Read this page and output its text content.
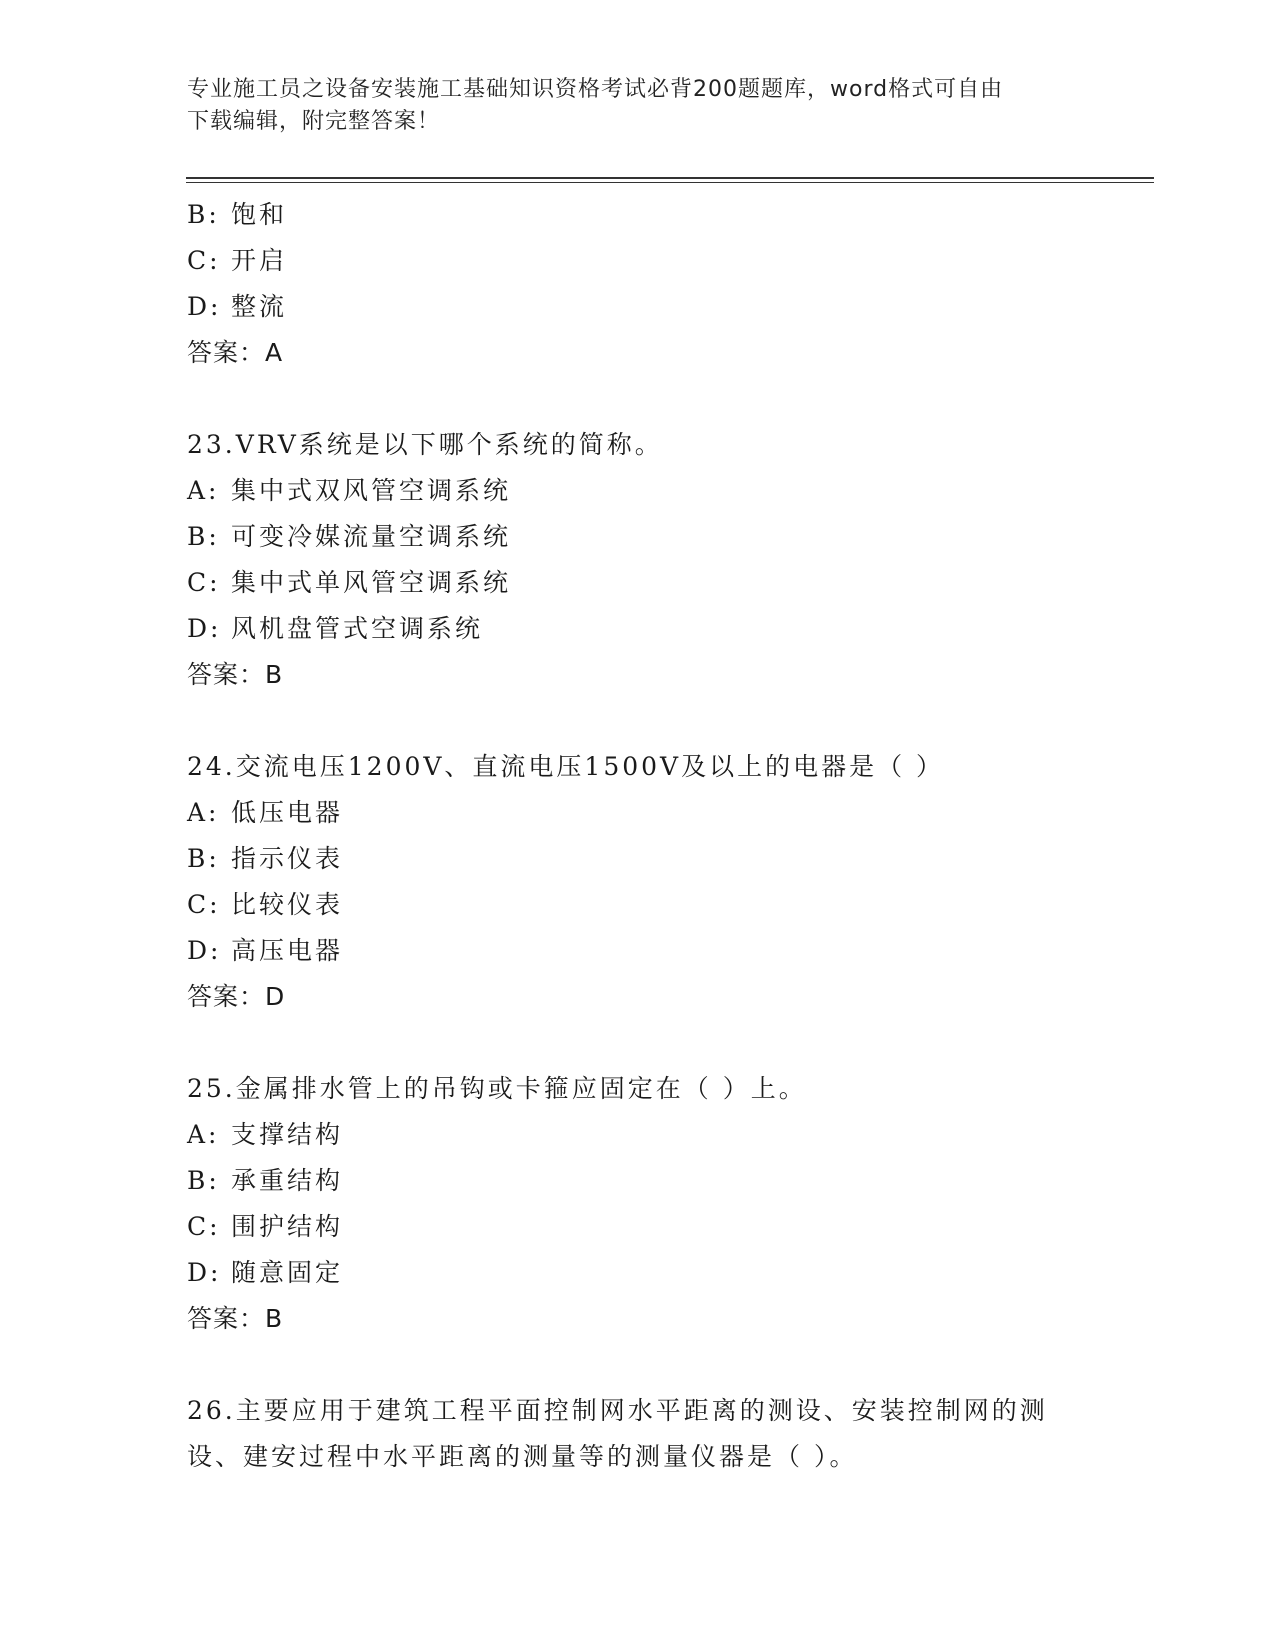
专业施工员之设备安装施工基础知识资格考试必背200题题库，word格式可自由
下载编辑，附完整答案！
B: 饱和
C: 开启
D: 整流
答案：A
23.VRV系统是以下哪个系统的简称。
A: 集中式双风管空调系统
B: 可变冷媒流量空调系统
C: 集中式单风管空调系统
D: 风机盘管式空调系统
答案：B
24.交流电压1200V、直流电压1500V及以上的电器是（ ）
A: 低压电器
B: 指示仪表
C: 比较仪表
D: 高压电器
答案：D
25.金属排水管上的吊钩或卡箍应固定在（ ）上。
A: 支撑结构
B: 承重结构
C: 围护结构
D: 随意固定
答案：B
26.主要应用于建筑工程平面控制网水平距离的测设、安装控制网的测
设、建安过程中水平距离的测量等的测量仪器是（ ）。
